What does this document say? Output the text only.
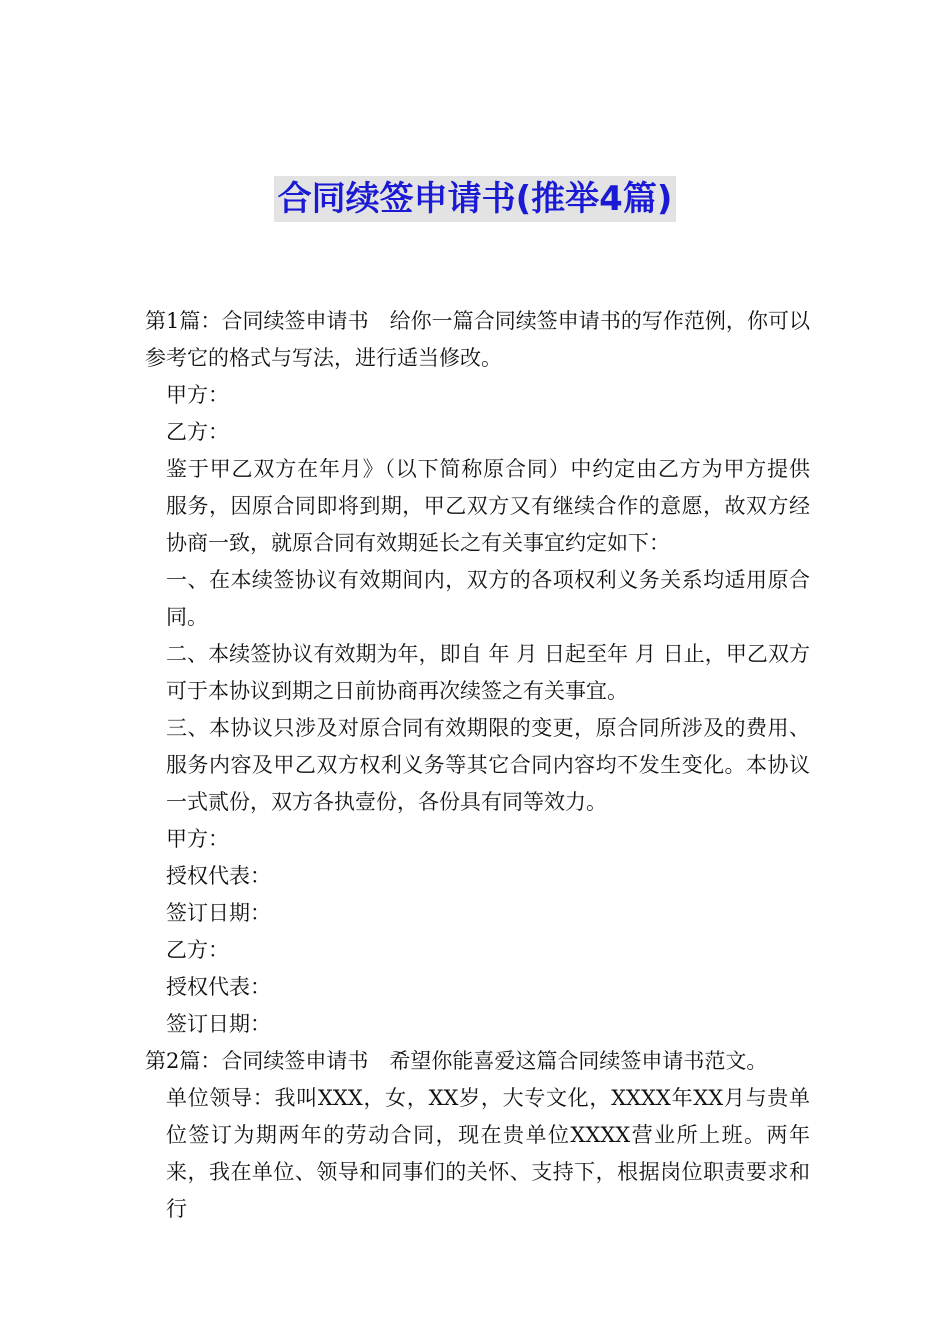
合同续签申请书(推举4篇)

第1篇：合同续签申请书　给你一篇合同续签申请书的写作范例，你可以参考它的格式与写法，进行适当修改。

甲方：

乙方：

鉴于甲乙双方在年月》（以下简称原合同）中约定由乙方为甲方提供 服务，因原合同即将到期，甲乙双方又有继续合作的意愿，故双方经协商一致，就原合同有效期延长之有关事宜约定如下：

一、在本续签协议有效期间内，双方的各项权利义务关系均适用原合同。

二、本续签协议有效期为年，即自 年 月 日起至年 月 日止，甲乙双方可于本协议到期之日前协商再次续签之有关事宜。

三、本协议只涉及对原合同有效期限的变更，原合同所涉及的费用、服务内容及甲乙双方权利义务等其它合同内容均不发生变化。本协议一式贰份，双方各执壹份，各份具有同等效力。

甲方：

授权代表：

签订日期：

乙方：

授权代表：

签订日期：

第2篇：合同续签申请书　希望你能喜爱这篇合同续签申请书范文。

单位领导：我叫XXX，女，XX岁，大专文化，XXXX年XX月与贵单位签订为期两年的劳动合同，现在贵单位XXXX营业所上班。两年来，我在单位、领导和同事们的关怀、支持下，根据岗位职责要求和行
